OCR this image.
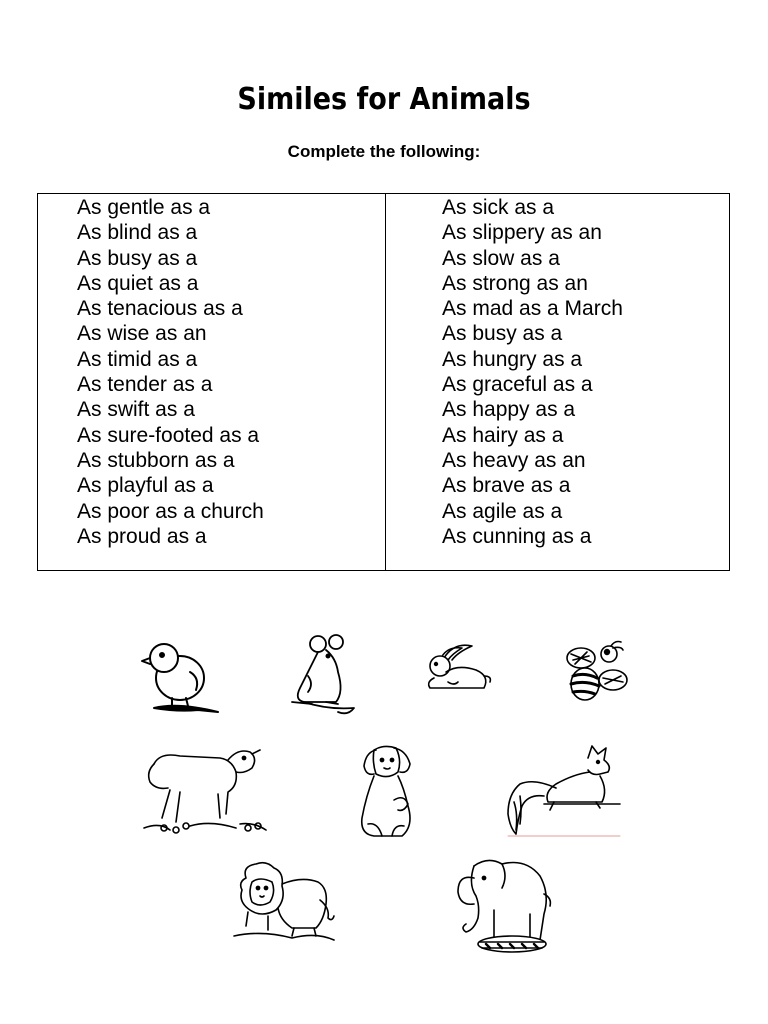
Similes for Animals
Complete the following:
As gentle as a
As blind as a
As busy as a
As quiet as a
As tenacious as a
As wise as an
As timid as a
As tender as a
As swift as a
As sure-footed as a
As stubborn as a
As playful as a
As poor as a church
As proud as a
As sick as a
As slippery as an
As slow as a
As strong as an
As mad as a March
As busy as a
As hungry as a
As graceful as a
As happy as a
As hairy as a
As heavy as an
As brave as a
As agile as a
As cunning as a
